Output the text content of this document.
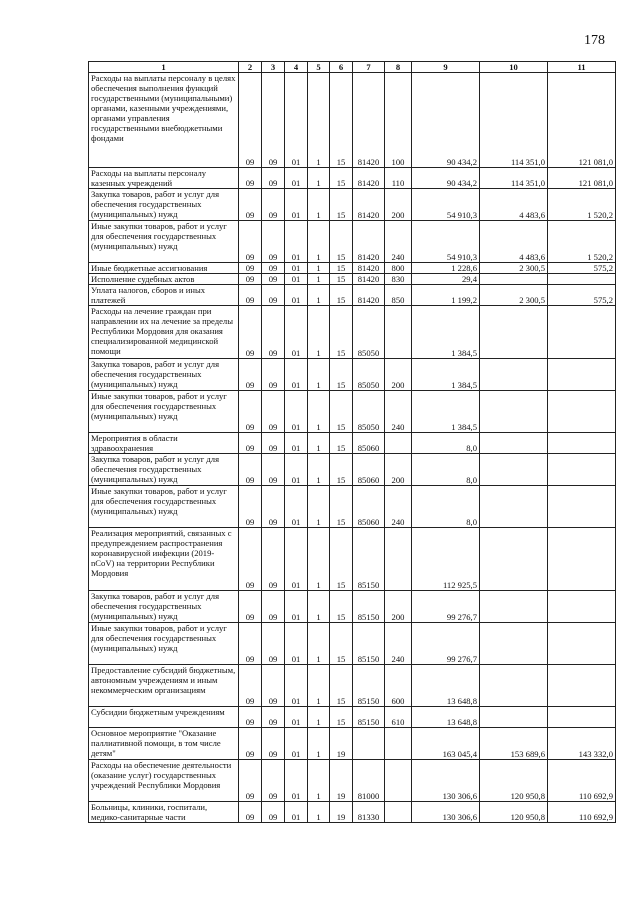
178
1	2	3	4	5	6	7	8	9	10	11
Расходы на выплаты персоналу в целях обеспечения выполнения функций государственными (муниципальными) органами, казенными учреждениями, органами управления государственными внебюджетными фондами	09	09	01	1	15	81420	100	90 434,2	114 351,0	121 081,0
Расходы на выплаты персоналу казенных учреждений	09	09	01	1	15	81420	110	90 434,2	114 351,0	121 081,0
Закупка товаров, работ и услуг для обеспечения государственных (муниципальных) нужд	09	09	01	1	15	81420	200	54 910,3	4 483,6	1 520,2
Иные закупки товаров, работ и услуг для обеспечения государственных (муниципальных) нужд	09	09	01	1	15	81420	240	54 910,3	4 483,6	1 520,2
Иные бюджетные ассигнования	09	09	01	1	15	81420	800	1 228,6	2 300,5	575,2
Исполнение судебных актов	09	09	01	1	15	81420	830	29,4		
Уплата налогов, сборов и иных платежей	09	09	01	1	15	81420	850	1 199,2	2 300,5	575,2
Расходы на лечение граждан при направлении их на лечение за пределы Республики Мордовия для оказания специализированной медицинской помощи	09	09	01	1	15	85050		1 384,5		
Закупка товаров, работ и услуг для обеспечения государственных (муниципальных) нужд	09	09	01	1	15	85050	200	1 384,5		
Иные закупки товаров, работ и услуг для обеспечения государственных (муниципальных) нужд	09	09	01	1	15	85050	240	1 384,5		
Мероприятия в области здравоохранения	09	09	01	1	15	85060		8,0		
Закупка товаров, работ и услуг для обеспечения государственных (муниципальных) нужд	09	09	01	1	15	85060	200	8,0		
Иные закупки товаров, работ и услуг для обеспечения государственных (муниципальных) нужд	09	09	01	1	15	85060	240	8,0		
Реализация мероприятий, связанных с предупреждением распространения коронавирусной инфекции (2019-nCoV) на территории Республики Мордовия	09	09	01	1	15	85150		112 925,5		
Закупка товаров, работ и услуг для обеспечения государственных (муниципальных) нужд	09	09	01	1	15	85150	200	99 276,7		
Иные закупки товаров, работ и услуг для обеспечения государственных (муниципальных) нужд	09	09	01	1	15	85150	240	99 276,7		
Предоставление субсидий бюджетным, автономным учреждениям и иным некоммерческим организациям	09	09	01	1	15	85150	600	13 648,8		
Субсидии бюджетным учреждениям	09	09	01	1	15	85150	610	13 648,8		
Основное мероприятие "Оказание паллиативной помощи, в том числе детям"	09	09	01	1	19			163 045,4	153 689,6	143 332,0
Расходы на обеспечение деятельности (оказание услуг) государственных учреждений Республики Мордовия	09	09	01	1	19	81000		130 306,6	120 950,8	110 692,9
Больницы, клиники, госпитали, медико-санитарные части	09	09	01	1	19	81330		130 306,6	120 950,8	110 692,9
